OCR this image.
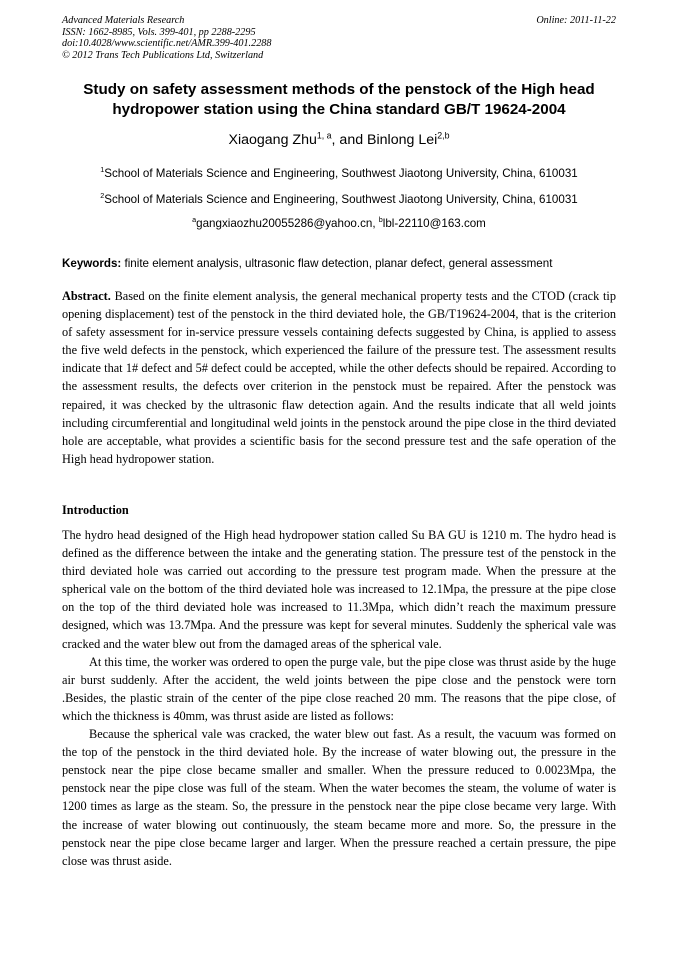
Advanced Materials Research
ISSN: 1662-8985, Vols. 399-401, pp 2288-2295
doi:10.4028/www.scientific.net/AMR.399-401.2288
© 2012 Trans Tech Publications Ltd, Switzerland
Online: 2011-11-22
Study on safety assessment methods of the penstock of the High head hydropower station using the China standard GB/T 19624-2004
Xiaogang Zhu$^{1, a}$, and Binlong Lei$^{2,b}$
$^1$School of Materials Science and Engineering, Southwest Jiaotong University, China, 610031
$^2$School of Materials Science and Engineering, Southwest Jiaotong University, China, 610031
$^a$gangxiaozhu20055286@yahoo.cn, $^b$lbl-22110@163.com
Keywords: finite element analysis, ultrasonic flaw detection, planar defect, general assessment

Abstract. Based on the finite element analysis, the general mechanical property tests and the CTOD (crack tip opening displacement) test of the penstock in the third deviated hole, the GB/T19624-2004, that is the criterion of safety assessment for in-service pressure vessels containing defects suggested by China, is applied to assess the five weld defects in the penstock, which experienced the failure of the pressure test. The assessment results indicate that 1# defect and 5# defect could be accepted, while the other defects should be repaired. According to the assessment results, the defects over criterion in the penstock must be repaired. After the penstock was repaired, it was checked by the ultrasonic flaw detection again. And the results indicate that all weld joints including circumferential and longitudinal weld joints in the penstock around the pipe close in the third deviated hole are acceptable, what provides a scientific basis for the second pressure test and the safe operation of the High head hydropower station.

Introduction

The hydro head designed of the High head hydropower station called Su BA GU is 1210 m. The hydro head is defined as the difference between the intake and the generating station. The pressure test of the penstock in the third deviated hole was carried out according to the pressure test program made. When the pressure at the spherical vale on the bottom of the third deviated hole was increased to 12.1Mpa, the pressure at the pipe close on the top of the third deviated hole was increased to 11.3Mpa, which didn’t reach the maximum pressure designed, which was 13.7Mpa. And the pressure was kept for several minutes. Suddenly the spherical vale was cracked and the water blew out from the damaged areas of the spherical vale.

At this time, the worker was ordered to open the purge vale, but the pipe close was thrust aside by the huge air burst suddenly. After the accident, the weld joints between the pipe close and the penstock were torn .Besides, the plastic strain of the center of the pipe close reached 20 mm. The reasons that the pipe close, of which the thickness is 40mm, was thrust aside are listed as follows:

Because the spherical vale was cracked, the water blew out fast. As a result, the vacuum was formed on the top of the penstock in the third deviated hole. By the increase of water blowing out, the pressure in the penstock near the pipe close became smaller and smaller. When the pressure reduced to 0.0023Mpa, the penstock near the pipe close was full of the steam. When the water becomes the steam, the volume of water is 1200 times as large as the steam. So, the pressure in the penstock near the pipe close became very large. With the increase of water blowing out continuously, the steam became more and more. So, the pressure in the penstock near the pipe close became larger and larger. When the pressure reached a certain pressure, the pipe close was thrust aside.
